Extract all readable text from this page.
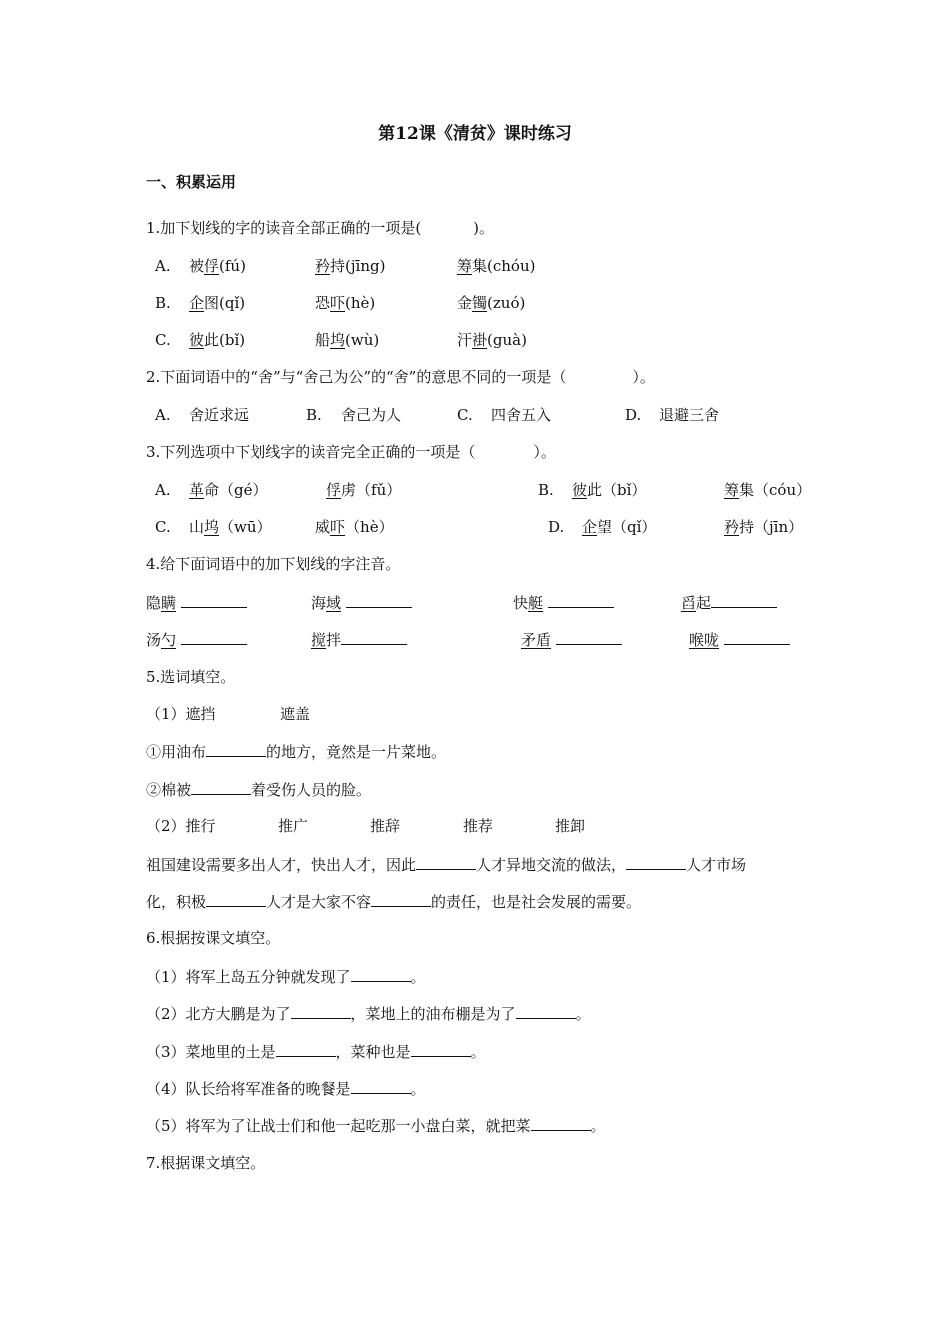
第12课《清贫》课时练习
一、积累运用
1.加下划线的字的读音全部正确的一项是(	)。
A. 被俘(fú)	矜持(jīng)	筹集(chóu)
B. 企图(qǐ)	恐吓(hè)	金镯(zuó)
C. 彼此(bǐ)	船坞(wù)	汗褂(guà)
2.下面词语中的“舍”与“舍己为公”的“舍”的意思不同的一项是（	）。
A. 舍近求远	B. 舍己为人	C. 四舍五入	D. 退避三舍
3.下列选项中下划线字的读音完全正确的一项是（	）。
A. 革命（gé）	俘虏（fǔ）	B. 彼此（bǐ）	筹集（cóu）
C. 山坞（wū）	威吓（hè）	D. 企望（qǐ）	矜持（jīn）
4.给下面词语中的加下划线的字注音。
隐瞒	海域	快艇	舀起
汤勺	搅拌	矛盾	喉咙
5.选词填空。
（1）遮挡	遮盖
①用油布	的地方，竟然是一片菜地。
②棉被	着受伤人员的脸。
（2）推行	推广	推辞	推荐	推卸
祖国建设需要多出人才，快出人才，因此	人才异地交流的做法，	人才市场
化，积极	人才是大家不容	的责任，也是社会发展的需要。
6.根据按课文填空。
（1）将军上岛五分钟就发现了	。
（2）北方大鹏是为了	，菜地上的油布棚是为了	。
（3）菜地里的土是	，菜种也是	。
（4）队长给将军准备的晚餐是	。
（5）将军为了让战士们和他一起吃那一小盘白菜，就把菜	。
7.根据课文填空。
